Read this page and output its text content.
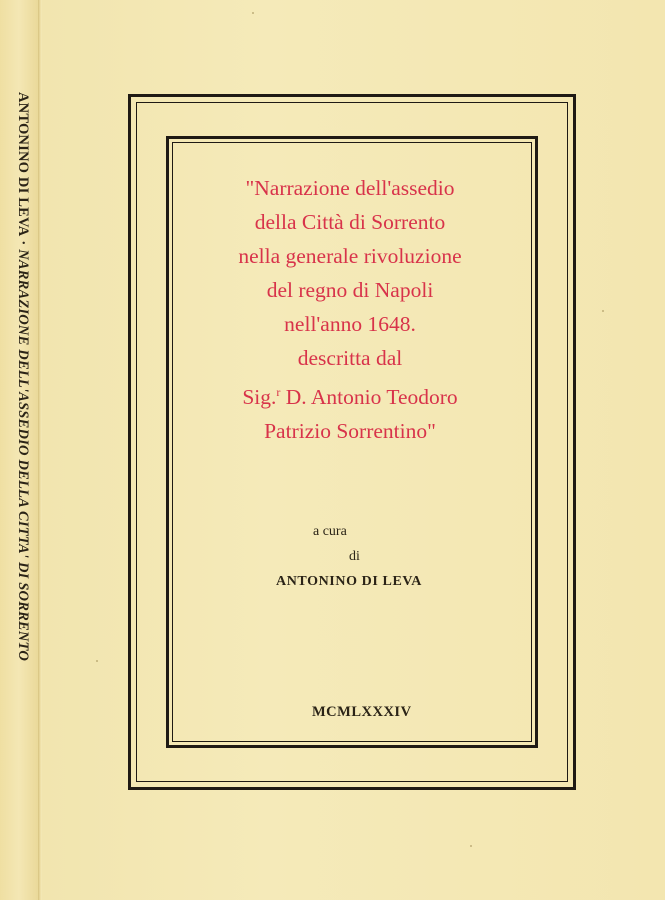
ANTONINO DI LEVA · NARRAZIONE DELL'ASSEDIO DELLA CITTA' DI SORRENTO
"Narrazione dell'assedio
della Città di Sorrento
nella generale rivoluzione
del regno di Napoli
nell'anno 1648.
descritta dal
Sig.$^r$ D. Antonio Teodoro
Patrizio Sorrentino"
a cura
di
ANTONINO DI LEVA
MCMLXXXIV
